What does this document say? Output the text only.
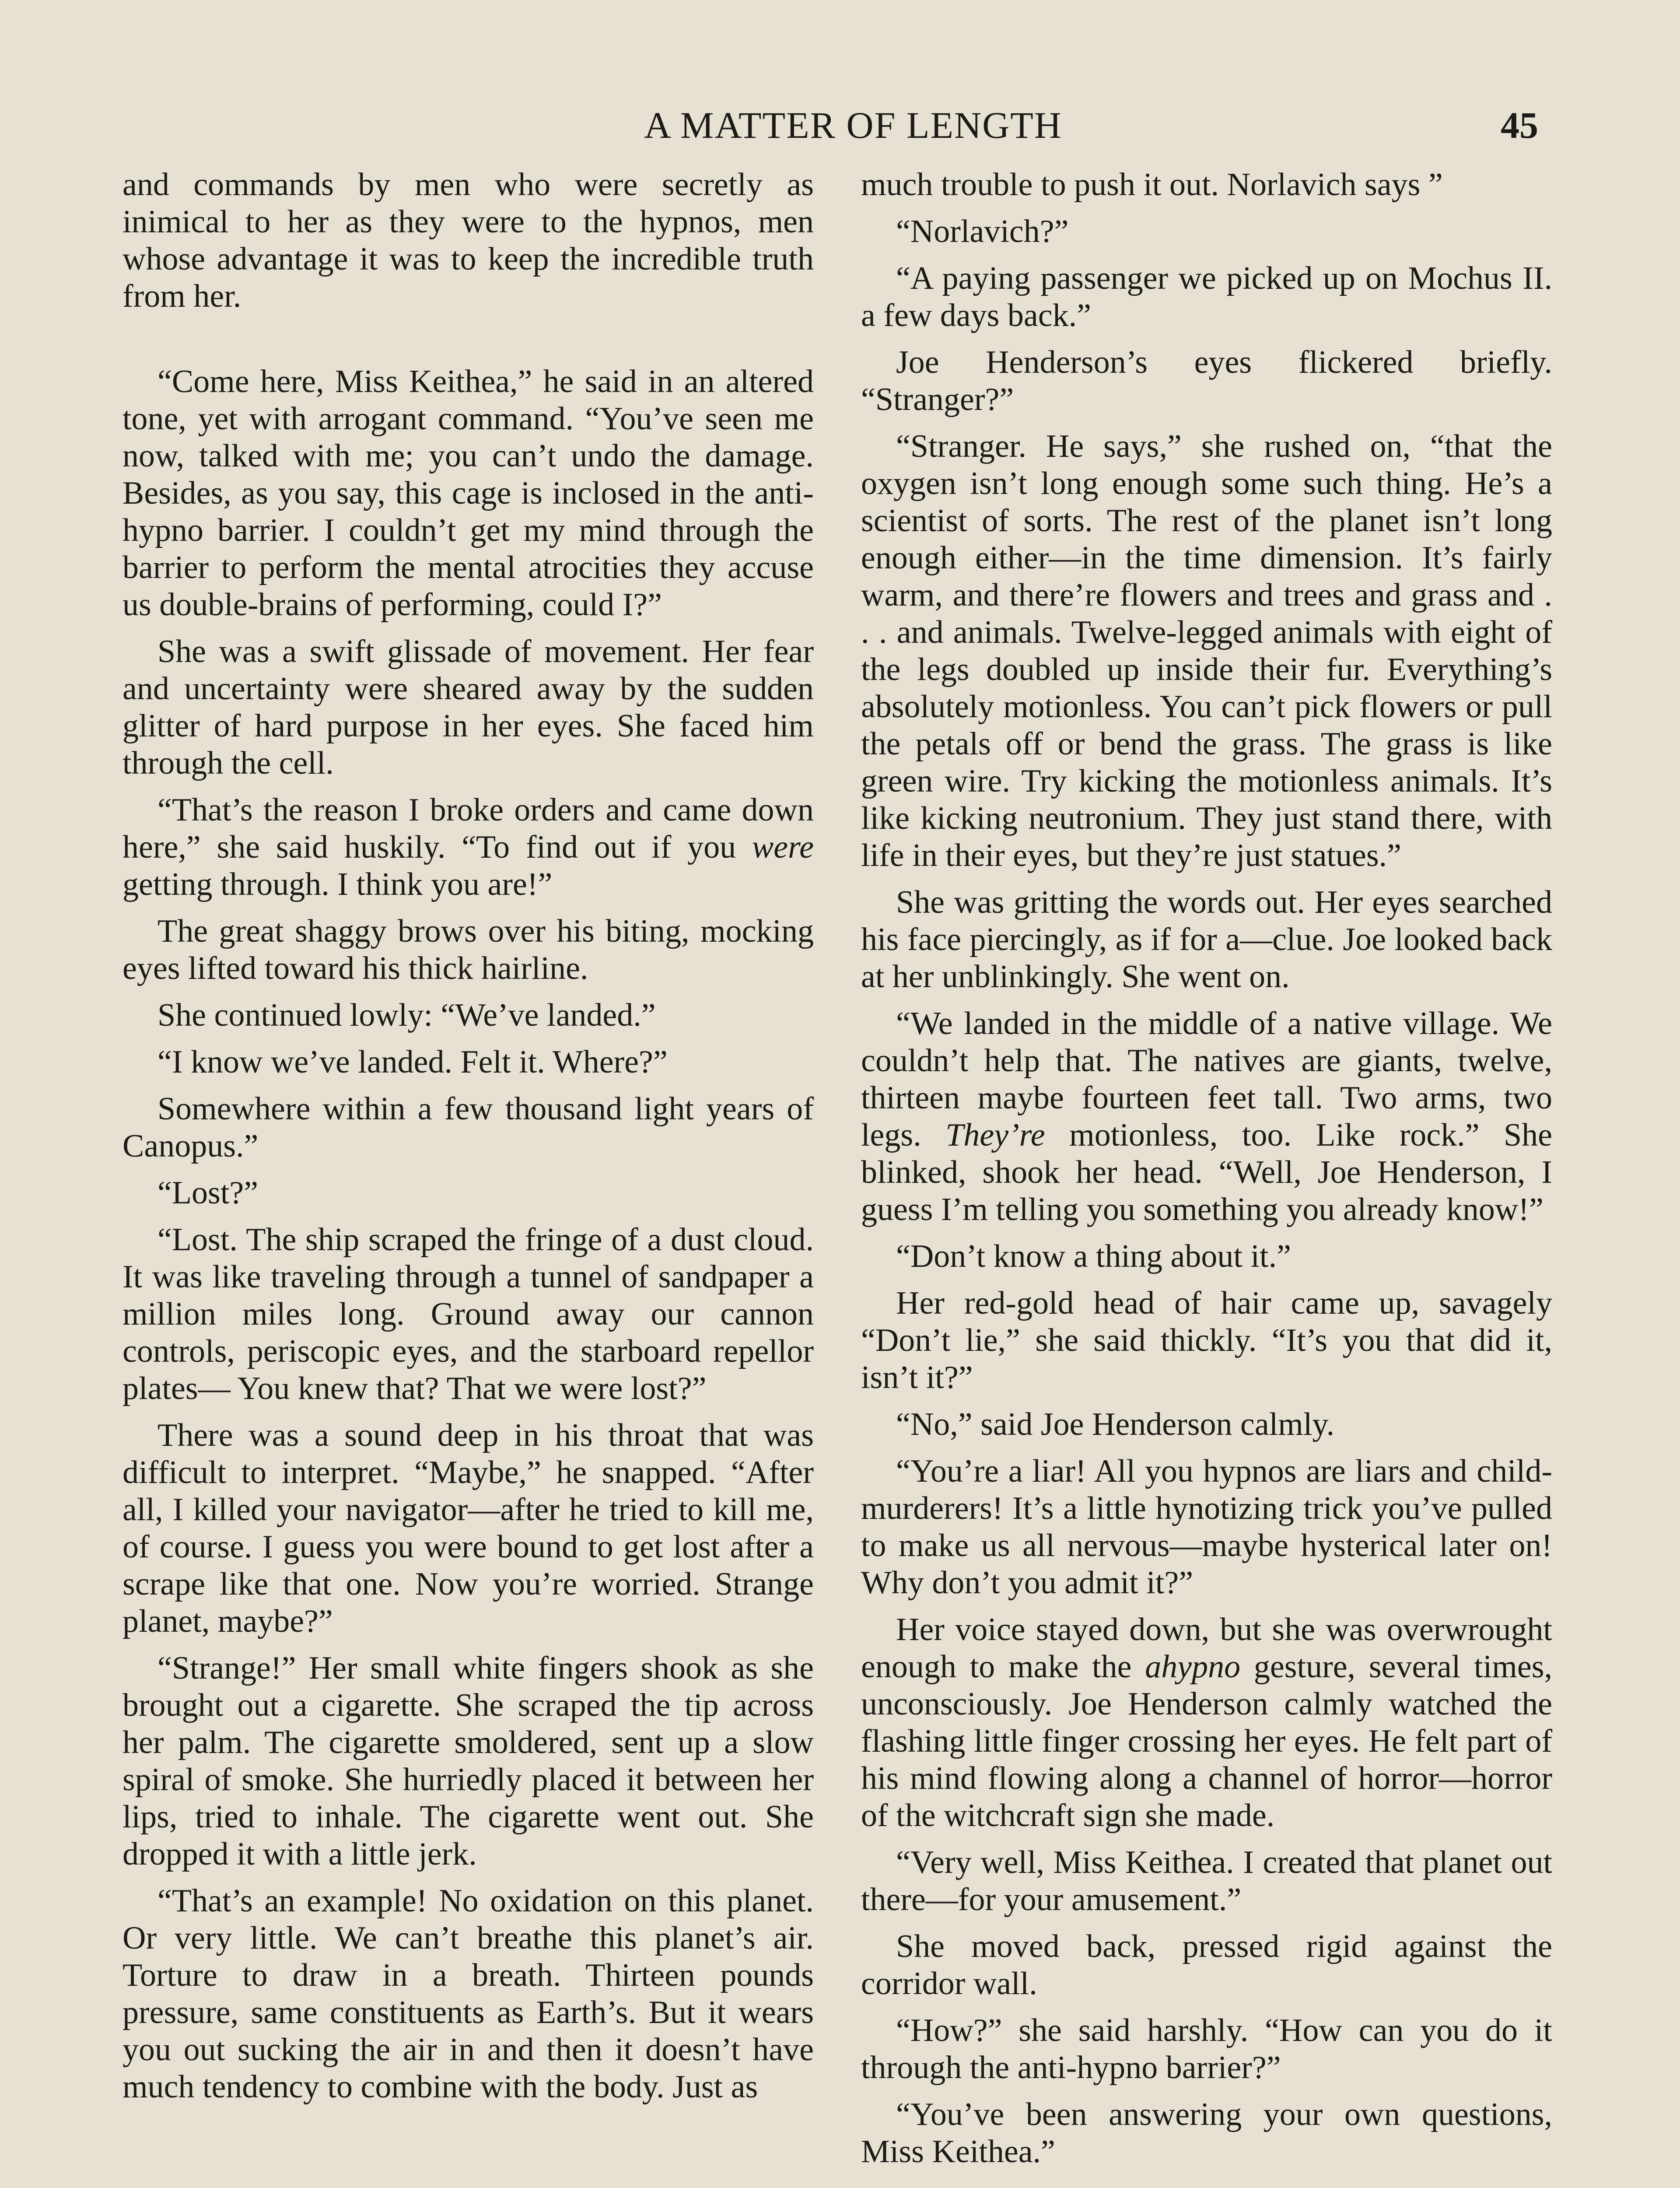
A MATTER OF LENGTH	45

and commands by men who were secretly as inimical to her as they were to the hypnos, men whose advantage it was to keep the incredible truth from her.

“Come here, Miss Keithea,” he said in an altered tone, yet with arrogant command. “You’ve seen me now, talked with me; you can’t undo the damage. Besides, as you say, this cage is inclosed in the anti-hypno barrier. I couldn’t get my mind through the barrier to perform the mental atrocities they accuse us double-brains of performing, could I?”

She was a swift glissade of movement. Her fear and uncertainty were sheared away by the sudden glitter of hard purpose in her eyes. She faced him through the cell.

“That’s the reason I broke orders and came down here,” she said huskily. “To find out if you were getting through. I think you are!”

The great shaggy brows over his biting, mocking eyes lifted toward his thick hairline.

She continued lowly: “We’ve landed.”

“I know we’ve landed. Felt it. Where?”

Somewhere within a few thousand light years of Canopus.”

“Lost?”

“Lost. The ship scraped the fringe of a dust cloud. It was like traveling through a tunnel of sandpaper a million miles long. Ground away our cannon controls, periscopic eyes, and the starboard repellor plates— You knew that? That we were lost?”

There was a sound deep in his throat that was difficult to interpret. “Maybe,” he snapped. “After all, I killed your navigator—after he tried to kill me, of course. I guess you were bound to get lost after a scrape like that one. Now you’re worried. Strange planet, maybe?”

“Strange!” Her small white fingers shook as she brought out a cigarette. She scraped the tip across her palm. The cigarette smoldered, sent up a slow spiral of smoke. She hurriedly placed it between her lips, tried to inhale. The cigarette went out. She dropped it with a little jerk.

“That’s an example! No oxidation on this planet. Or very little. We can’t breathe this planet’s air. Torture to draw in a breath. Thirteen pounds pressure, same constituents as Earth’s. But it wears you out sucking the air in and then it doesn’t have much tendency to combine with the body. Just as

much trouble to push it out. Norlavich says ”

“Norlavich?”

“A paying passenger we picked up on Mochus II. a few days back.”

Joe Henderson’s eyes flickered briefly. “Stranger?”

“Stranger. He says,” she rushed on, “that the oxygen isn’t long enough some such thing. He’s a scientist of sorts. The rest of the planet isn’t long enough either—in the time dimension. It’s fairly warm, and there’re flowers and trees and grass and . . . and animals. Twelve-legged animals with eight of the legs doubled up inside their fur. Everything’s absolutely motionless. You can’t pick flowers or pull the petals off or bend the grass. The grass is like green wire. Try kicking the motionless animals. It’s like kicking neutronium. They just stand there, with life in their eyes, but they’re just statues.”

She was gritting the words out. Her eyes searched his face piercingly, as if for a—clue. Joe looked back at her unblinkingly. She went on.

“We landed in the middle of a native village. We couldn’t help that. The natives are giants, twelve, thirteen maybe fourteen feet tall. Two arms, two legs. They’re motionless, too. Like rock.” She blinked, shook her head. “Well, Joe Henderson, I guess I’m telling you something you already know!”

“Don’t know a thing about it.”

Her red-gold head of hair came up, savagely “Don’t lie,” she said thickly. “It’s you that did it, isn’t it?”

“No,” said Joe Henderson calmly.

“You’re a liar! All you hypnos are liars and child-murderers! It’s a little hynotizing trick you’ve pulled to make us all nervous—maybe hysterical later on! Why don’t you admit it?”

Her voice stayed down, but she was overwrought enough to make the ahypno gesture, several times, unconsciously. Joe Henderson calmly watched the flashing little finger crossing her eyes. He felt part of his mind flowing along a channel of horror—horror of the witchcraft sign she made.

“Very well, Miss Keithea. I created that planet out there—for your amusement.”

She moved back, pressed rigid against the corridor wall.

“How?” she said harshly. “How can you do it through the anti-hypno barrier?”

“You’ve been answering your own questions, Miss Keithea.”
